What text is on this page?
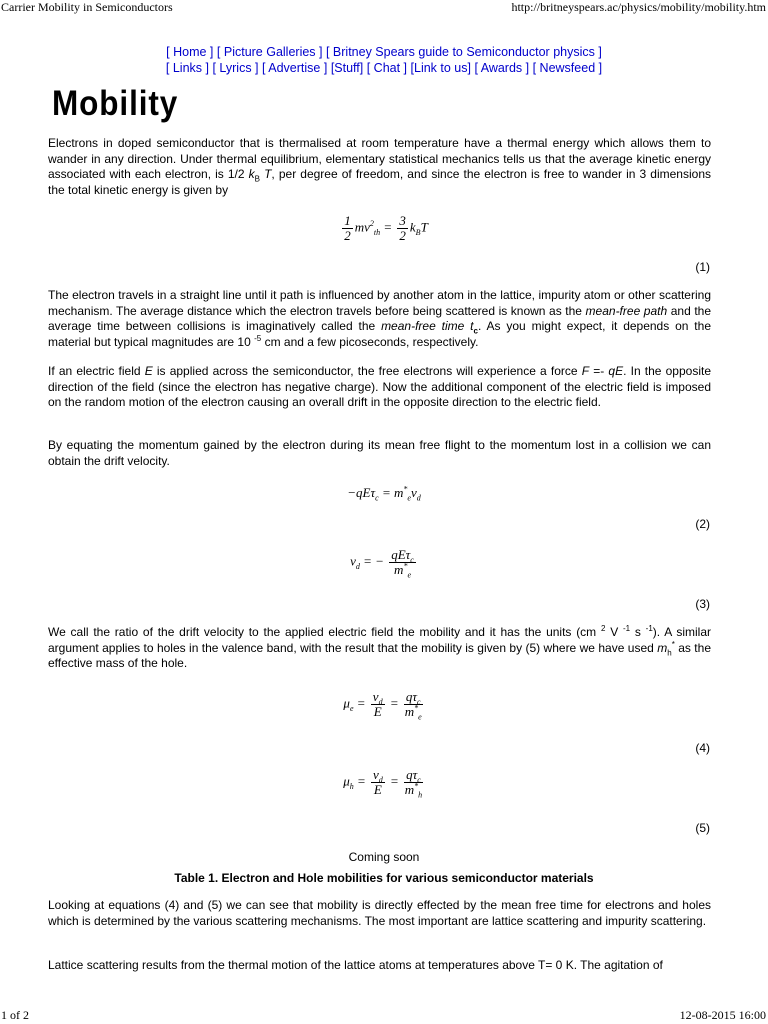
Carrier Mobility in Semiconductors	http://britneyspears.ac/physics/mobility/mobility.htm
[ Home ] [ Picture Galleries ] [ Britney Spears guide to Semiconductor physics ]
[ Links ] [ Lyrics ] [ Advertise ] [Stuff] [ Chat ] [Link to us] [ Awards ] [ Newsfeed ]
Mobility

Electrons in doped semiconductor that is thermalised at room temperature have a thermal energy which allows them to wander in any direction. Under thermal equilibrium, elementary statistical mechanics tells us that the average kinetic energy associated with each electron, is 1/2 $k_B$ T, per degree of freedom, and since the electron is free to wander in 3 dimensions the total kinetic energy is given by

$\frac{1}{2} mv^2_{th} = \frac{3}{2} k_BT$
(1)

The electron travels in a straight line until it path is influenced by another atom in the lattice, impurity atom or other scattering mechanism. The average distance which the electron travels before being scattered is known as the mean-free path and the average time between collisions is imaginatively called the mean-free time $t_c$. As you might expect, it depends on the material but typical magnitudes are 10 $^{-5}$ cm and a few picoseconds, respectively.

If an electric field E is applied across the semiconductor, the free electrons will experience a force F =- qE. In the opposite direction of the field (since the electron has negative charge). Now the additional component of the electric field is imposed on the random motion of the electron causing an overall drift in the opposite direction to the electric field.

By equating the momentum gained by the electron during its mean free flight to the momentum lost in a collision we can obtain the drift velocity.

$-qE\tau_c = m^*_ev_d$
(2)
$v_d$ = − $\frac{qE\tau_c}{m^*_e}$
(3)

We call the ratio of the drift velocity to the applied electric field the mobility and it has the units (cm $^2$ V $^{-1}$ s $^{-1}$). A similar argument applies to holes in the valence band, with the result that the mobility is given by (5) where we have used $m_h^*$ as the effective mass of the hole.

$\mu_e = \frac{v_d}{E} = \frac{q\tau_c}{m^*_e}$
(4)
$\mu_h = \frac{v_d}{E} = \frac{q\tau_c}{m^*_h}$
(5)
Coming soon
Table 1. Electron and Hole mobilities for various semiconductor materials

Looking at equations (4) and (5) we can see that mobility is directly effected by the mean free time for electrons and holes which is determined by the various scattering mechanisms. The most important are lattice scattering and impurity scattering.

Lattice scattering results from the thermal motion of the lattice atoms at temperatures above T= 0 K. The agitation of

1 of 2	12-08-2015 16:00
